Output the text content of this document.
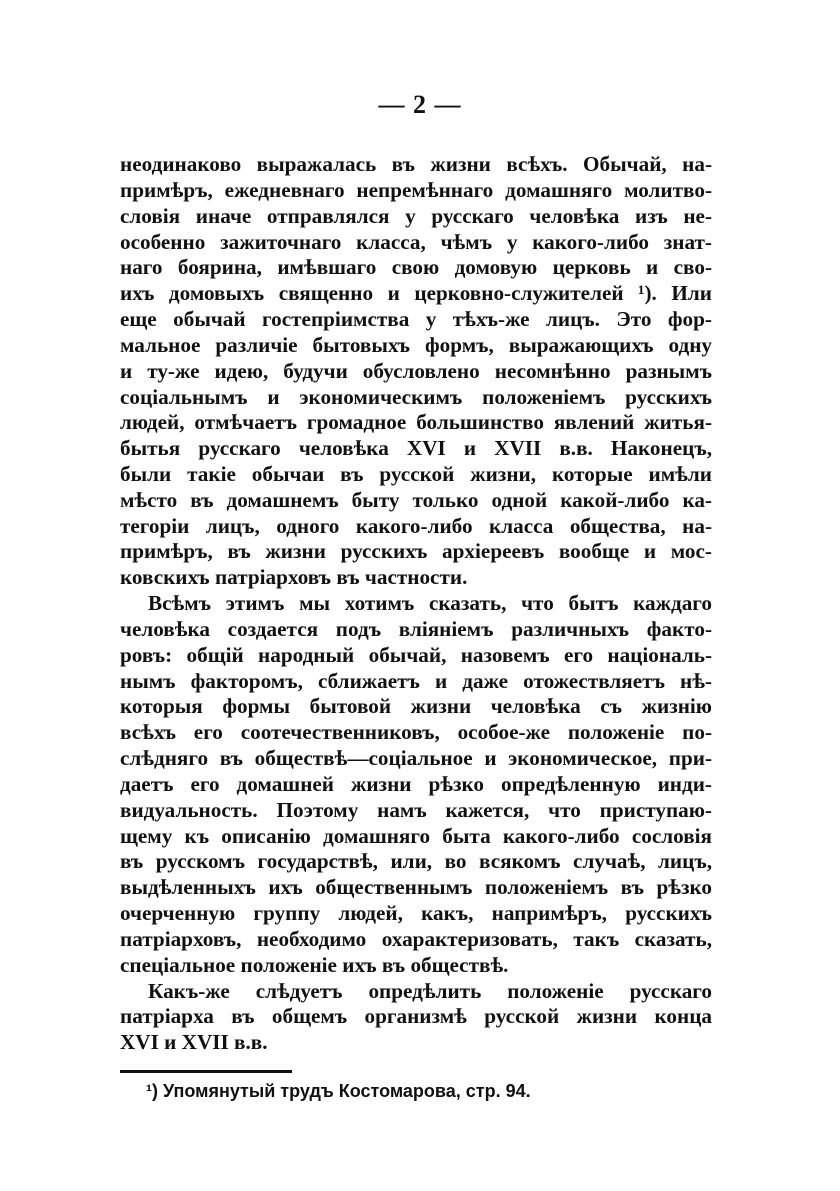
— 2 —
неодинаково выражалась въ жизни всѣхъ. Обычай, на-
примѣръ, ежедневнаго непремѣннаго домашняго молитво-
словія иначе отправлялся у русскаго человѣка изъ не-
особенно зажиточнаго класса, чѣмъ у какого-либо знат-
наго боярина, имѣвшаго свою домовую церковь и сво-
ихъ домовыхъ священно и церковно-служителей ¹). Или
еще обычай гостепріимства у тѣхъ-же лицъ. Это фор-
мальное различіе бытовыхъ формъ, выражающихъ одну
и ту-же идею, будучи обусловлено несомнѣнно разнымъ
соціальнымъ и экономическимъ положеніемъ русскихъ
людей, отмѣчаетъ громадное большинство явлений житья-
бытья русскаго человѣка XVI и XVII в.в. Наконецъ,
были такіе обычаи въ русской жизни, которые имѣли
мѣсто въ домашнемъ быту только одной какой-либо ка-
тегоріи лицъ, одного какого-либо класса общества, на-
примѣръ, въ жизни русскихъ архіереевъ вообще и мос-
ковскихъ патріарховъ въ частности.
Всѣмъ этимъ мы хотимъ сказать, что бытъ каждаго
человѣка создается подъ вліяніемъ различныхъ факто-
ровъ: общій народный обычай, назовемъ его національ-
нымъ факторомъ, сближаетъ и даже отожествляетъ нѣ-
которыя формы бытовой жизни человѣка съ жизнію
всѣхъ его соотечественниковъ, особое-же положеніе по-
слѣдняго въ обществѣ—соціальное и экономическое, при-
даетъ его домашней жизни рѣзко опредѣленную инди-
видуальность. Поэтому намъ кажется, что приступаю-
щему къ описанію домашняго быта какого-либо сословія
въ русскомъ государствѣ, или, во всякомъ случаѣ, лицъ,
выдѣленныхъ ихъ общественнымъ положеніемъ въ рѣзко
очерченную группу людей, какъ, напримѣръ, русскихъ
патріарховъ, необходимо охарактеризовать, такъ сказать,
спеціальное положеніе ихъ въ обществѣ.
Какъ-же слѣдуетъ опредѣлить положеніе русскаго
патріарха въ общемъ организмѣ русской жизни конца
XVI и XVII в.в.
¹) Упомянутый трудъ Костомарова, стр. 94.
